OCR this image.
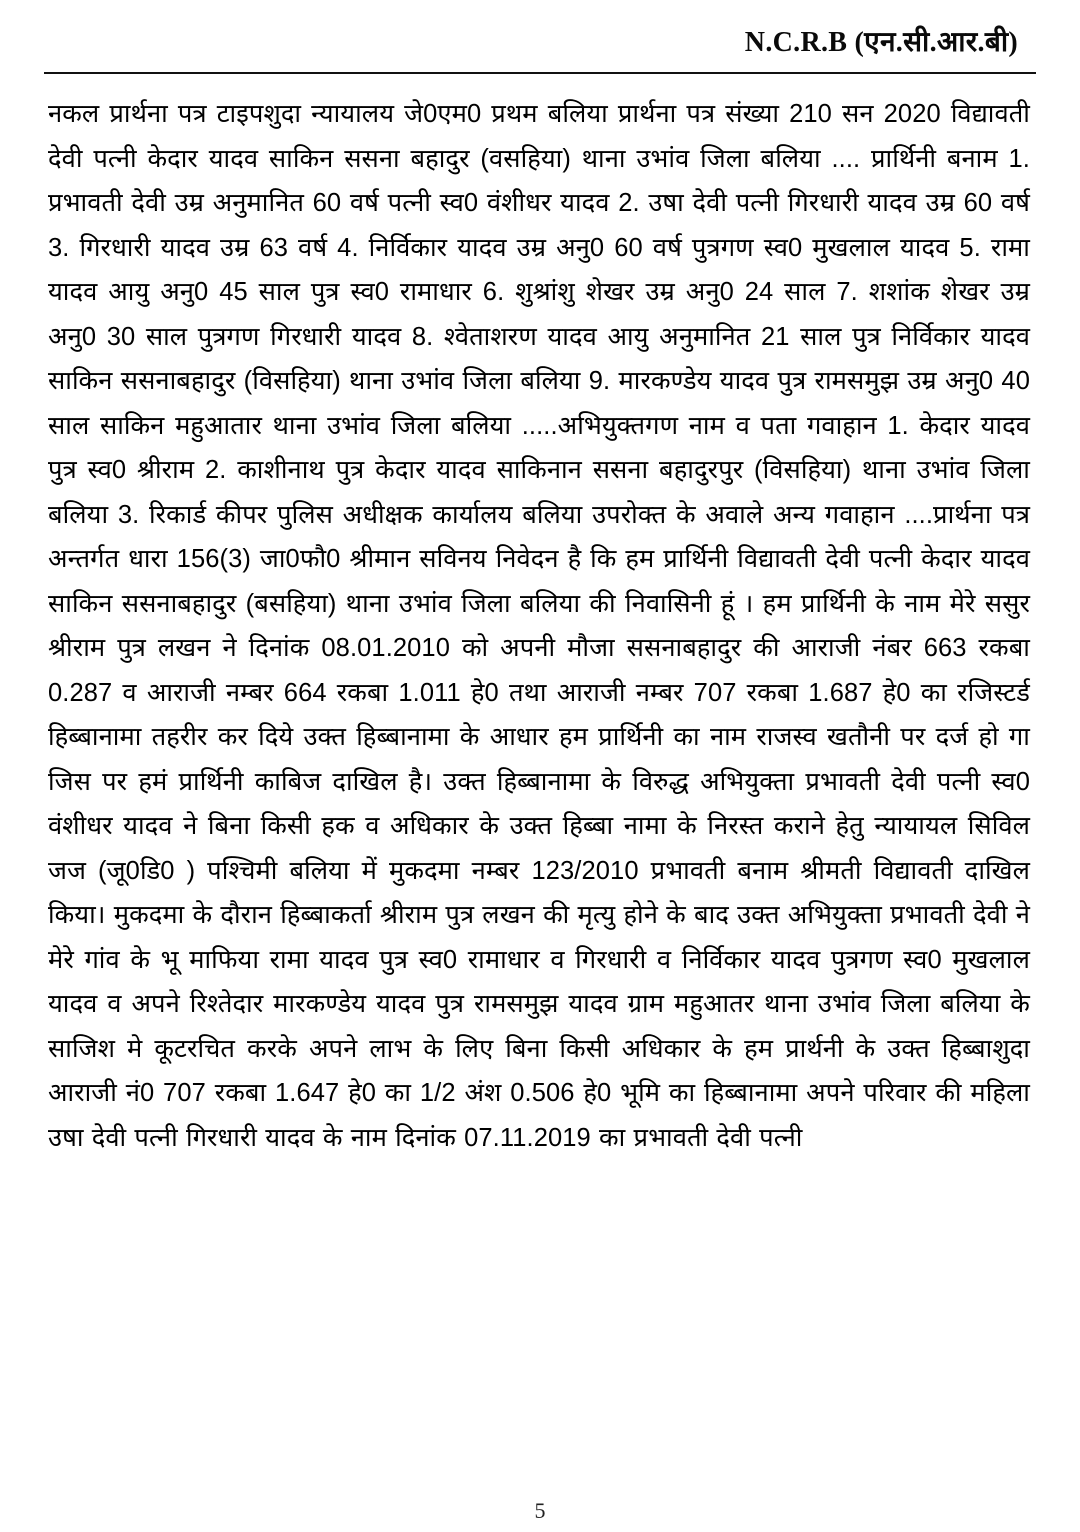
N.C.R.B (एन.सी.आर.बी)

नकल प्रार्थना पत्र टाइपशुदा न्यायालय जे0एम0 प्रथम बलिया प्रार्थना पत्र संख्या 210 सन 2020 विद्यावती देवी पत्नी केदार यादव साकिन ससना बहादुर (वसहिया) थाना उभांव जिला बलिया .... प्रार्थिनी बनाम 1. प्रभावती देवी उम्र अनुमानित 60 वर्ष पत्नी स्व0 वंशीधर यादव 2. उषा देवी पत्नी गिरधारी यादव उम्र 60 वर्ष 3. गिरधारी यादव उम्र 63 वर्ष 4. निर्विकार यादव उम्र अनु0 60 वर्ष पुत्रगण स्व0 मुखलाल यादव 5. रामा यादव आयु अनु0 45 साल पुत्र स्व0 रामाधार 6. शुश्रांशु शेखर उम्र अनु0 24 साल 7. शशांक शेखर उम्र अनु0 30 साल पुत्रगण गिरधारी यादव 8. श्वेताशरण यादव आयु अनुमानित 21 साल पुत्र निर्विकार यादव साकिन ससनाबहादुर (विसहिया) थाना उभांव जिला बलिया 9. मारकण्डेय यादव पुत्र रामसमुझ उम्र अनु0 40 साल साकिन महुआतार थाना उभांव जिला बलिया .....अभियुक्तगण नाम व पता गवाहान 1. केदार यादव पुत्र स्व0 श्रीराम 2. काशीनाथ पुत्र केदार यादव साकिनान ससना बहादुरपुर (विसहिया) थाना उभांव जिला बलिया 3. रिकार्ड कीपर पुलिस अधीक्षक कार्यालय बलिया उपरोक्त के अवाले अन्य गवाहान ....प्रार्थना पत्र अन्तर्गत धारा 156(3) जा0फौ0 श्रीमान सविनय निवेदन है कि हम प्रार्थिनी विद्यावती देवी पत्नी केदार यादव साकिन ससनाबहादुर (बसहिया) थाना उभांव जिला बलिया की निवासिनी हूं । हम प्रार्थिनी के नाम मेरे ससुर श्रीराम पुत्र लखन ने दिनांक 08.01.2010 को अपनी मौजा ससनाबहादुर की आराजी नंबर 663 रकबा 0.287 व आराजी नम्बर 664 रकबा 1.011 हे0 तथा आराजी नम्बर 707 रकबा 1.687 हे0 का रजिस्टर्ड हिब्बानामा तहरीर कर दिये उक्त हिब्बानामा के आधार हम प्रार्थिनी का नाम राजस्व खतौनी पर दर्ज हो गा जिस पर हमं प्रार्थिनी काबिज दाखिल है। उक्त हिब्बानामा के विरुद्ध अभियुक्ता प्रभावती देवी पत्नी स्व0 वंशीधर यादव ने बिना किसी हक व अधिकार के उक्त हिब्बा नामा के निरस्त कराने हेतु न्यायायल सिविल जज (जू0डि0 ) पश्चिमी बलिया में मुकदमा नम्बर 123/2010 प्रभावती बनाम श्रीमती विद्यावती दाखिल किया। मुकदमा के दौरान हिब्बाकर्ता श्रीराम पुत्र लखन की मृत्यु होने के बाद उक्त अभियुक्ता प्रभावती देवी ने मेरे गांव के भू माफिया रामा यादव पुत्र स्व0 रामाधार व गिरधारी व निर्विकार यादव पुत्रगण स्व0 मुखलाल यादव व अपने रिश्तेदार मारकण्डेय यादव पुत्र रामसमुझ यादव ग्राम महुआतर थाना उभांव जिला बलिया के साजिश मे कूटरचित करके अपने लाभ के लिए बिना किसी अधिकार के हम प्रार्थनी के उक्त हिब्बाशुदा आराजी नं0 707 रकबा 1.647 हे0 का 1/2 अंश 0.506 हे0 भूमि का हिब्बानामा अपने परिवार की महिला उषा देवी पत्नी गिरधारी यादव के नाम दिनांक 07.11.2019 का प्रभावती देवी पत्नी

5
